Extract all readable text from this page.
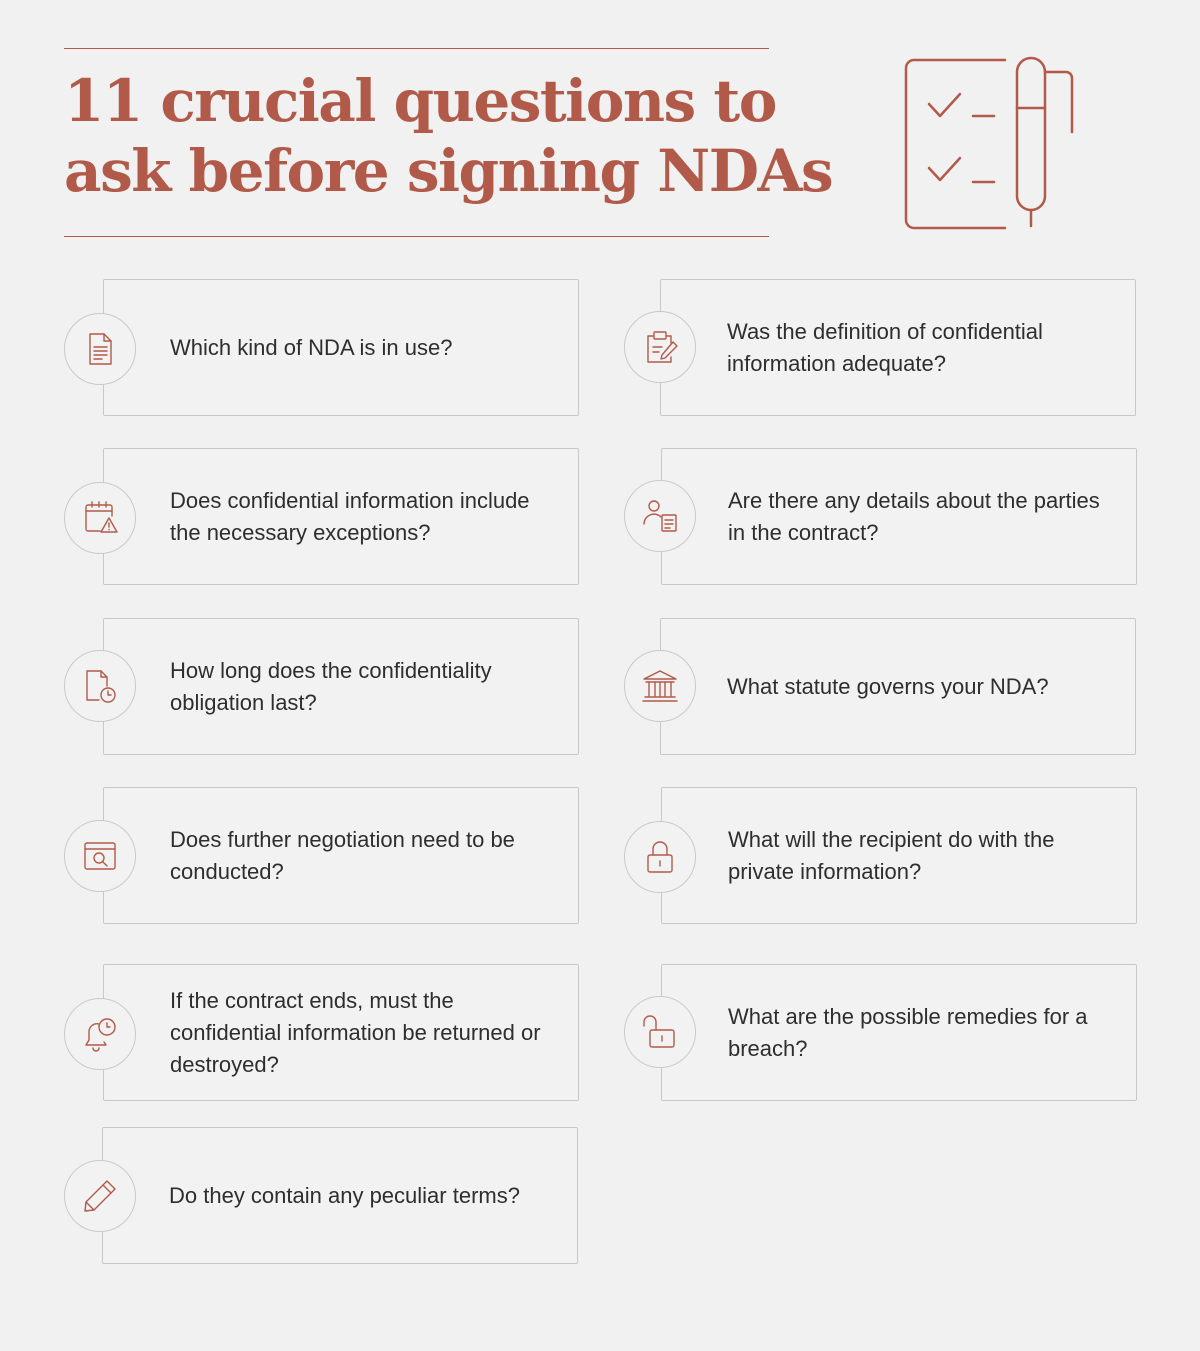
11 crucial questions to
ask before signing NDAs
Which kind of NDA is in use?
Does confidential information include the necessary exceptions?
How long does the confidentiality obligation last?
Does further negotiation need to be conducted?
If the contract ends, must the confidential information be returned or destroyed?
Do they contain any peculiar terms?
Was the definition of confidential information adequate?
Are there any details about the parties in the contract?
What statute governs your NDA?
What will the recipient do with the private information?
What are the possible remedies for a breach?
